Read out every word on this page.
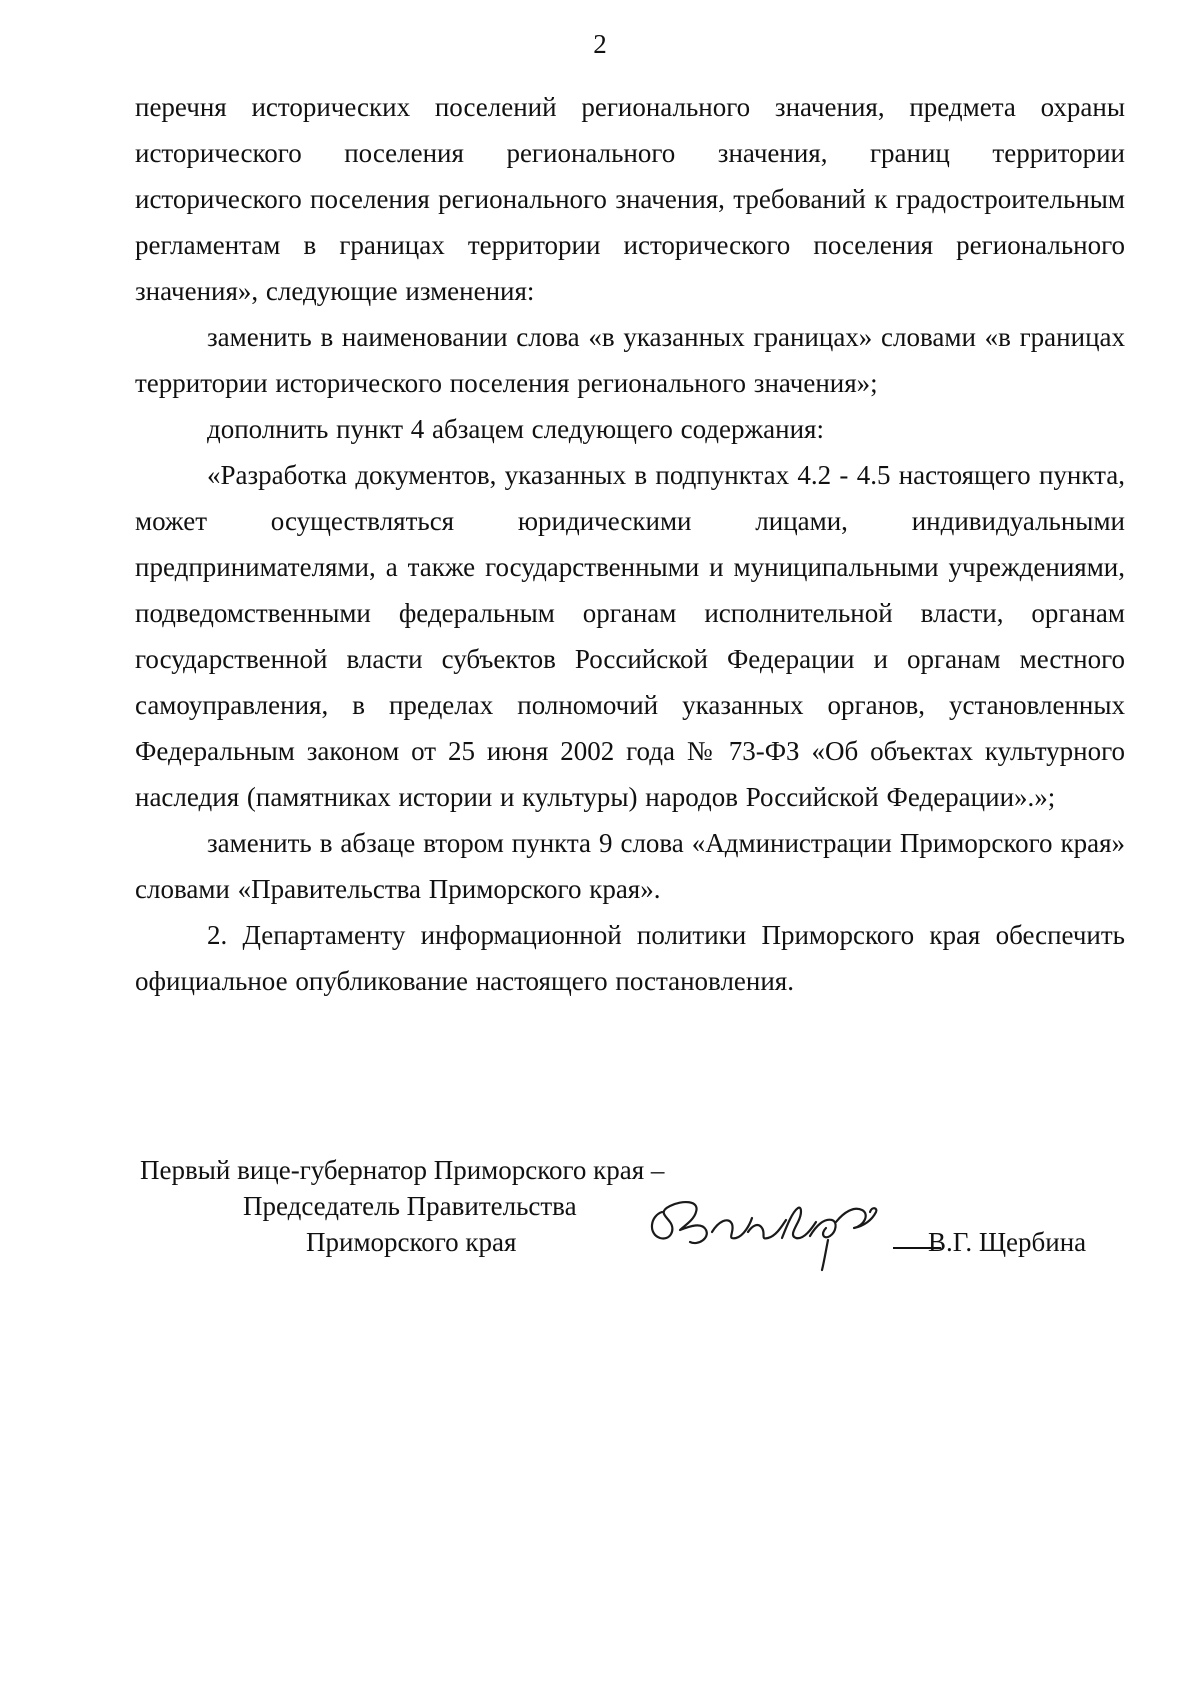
2

перечня исторических поселений регионального значения, предмета охраны исторического поселения регионального значения, границ территории исторического поселения регионального значения, требований к градостроительным регламентам в границах территории исторического поселения регионального значения», следующие изменения:

заменить в наименовании слова «в указанных границах» словами «в границах территории исторического поселения регионального значения»;

дополнить пункт 4 абзацем следующего содержания:

«Разработка документов, указанных в подпунктах 4.2 - 4.5 настоящего пункта, может осуществляться юридическими лицами, индивидуальными предпринимателями, а также государственными и муниципальными учреждениями, подведомственными федеральным органам исполнительной власти, органам государственной власти субъектов Российской Федерации и органам местного самоуправления, в пределах полномочий указанных органов, установленных Федеральным законом от 25 июня 2002 года № 73-ФЗ «Об объектах культурного наследия (памятниках истории и культуры) народов Российской Федерации».»;

заменить в абзаце втором пункта 9 слова «Администрации Приморского края» словами «Правительства Приморского края».

2. Департаменту информационной политики Приморского края обеспечить официальное опубликование настоящего постановления.

Первый вице-губернатор Приморского края –
Председатель Правительства
Приморского края	В.Г. Щербина
